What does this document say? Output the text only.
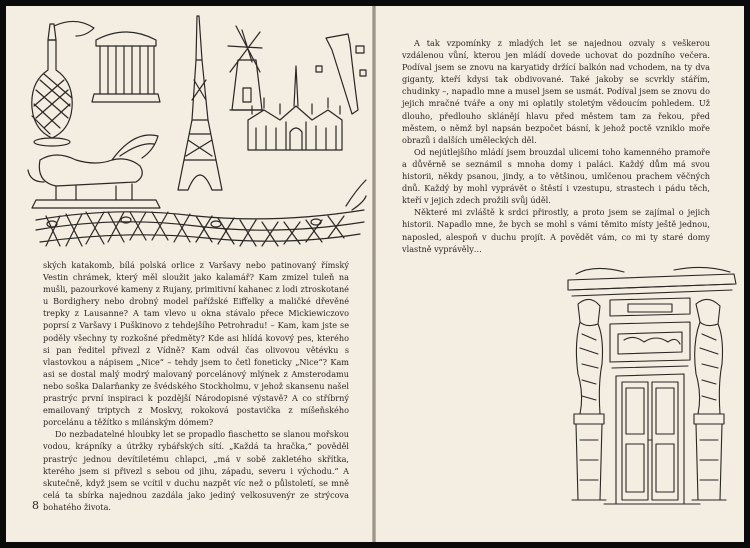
ských katakomb, bílá polská orlice z Varšavy nebo patinovaný římský Vestin chrámek, který měl sloužit jako kalamář? Kam zmizel tuleň na mušli, pazourkové kameny z Rujany, primitivní kahanec z lodi ztroskotané u Bordighery nebo drobný model pařížské Eiffelky a maličké dřevěné trepky z Lausanne? A tam vlevo u okna stávalo přece Mickiewiczovo poprsí z Varšavy i Puškinovo z tehdejšího Petrohradu! – Kam, kam jste se poděly všechny ty rozkošné předměty? Kde asi hlídá kovový pes, kterého si pan ředitel přivezl z Vídně? Kam odvál čas olivovou větévku s vlastovkou a nápisem „Nice“ – tehdy jsem to četl foneticky „Nice“? Kam asi se dostal malý modrý malovaný porcelánový mlýnek z Amsterodamu nebo soška Dalarňanky ze švédského Stockholmu, v jehož skansenu našel prastrýc první inspiraci k pozdější Národopisné výstavě? A co stříbrný emailovaný triptych z Moskvy, rokoková postavička z míšeňského porcelánu a těžítko s milánským dómem?

Do nezbadatelné hloubky let se propadlo fiaschetto se slanou mořskou vodou, krápníky a útržky rybářských sítí. „Každá ta hračka,“ pověděl prastrýc jednou devítiletému chlapci, „má v sobě zakletého skřítka, kterého jsem si přivezl s sebou od jihu, západu, severu i východu.“ A skutečně, když jsem se vcítil v duchu nazpět víc než o půlstoletí, se mně celá ta sbírka najednou zazdála jako jediný velkosuvenýr ze strýcova bohatého života.

8

A tak vzpomínky z mladých let se najednou ozvaly s veškerou vzdálenou vůní, kterou jen mládí dovede uchovat do pozdního večera. Podíval jsem se znovu na karyatidy držící balkón nad vchodem, na ty dva giganty, kteří kdysi tak obdivované. Také jakoby se scvrkly stářím, chudinky –, napadlo mne a musel jsem se usmát. Podíval jsem se znovu do jejich mračné tváře a ony mi oplatily stoletým vědoucím pohledem. Už dlouho, předlouho sklánějí hlavu před městem tam za řekou, před městem, o němž byl napsán bezpočet básní, k jehož poctě vzniklo moře obrazů i dalších uměleckých děl.

Od nejútlejšího mládí jsem brouzdal ulicemi toho kamenného pramoře a důvěrně se seznámil s mnoha domy i paláci. Každý dům má svou historii, někdy psanou, jindy, a to většinou, umlčenou prachem věčných dnů. Každý by mohl vyprávět o štěstí i vzestupu, strastech i pádu těch, kteří v jejich zdech prožili svůj úděl.

Některé mi zvláště k srdci přirostly, a proto jsem se zajímal o jejich historii. Napadlo mne, že bych se mohl s vámi těmito místy ještě jednou, naposled, alespoň v duchu projít. A povědět vám, co mi ty staré domy vlastně vyprávěly…
